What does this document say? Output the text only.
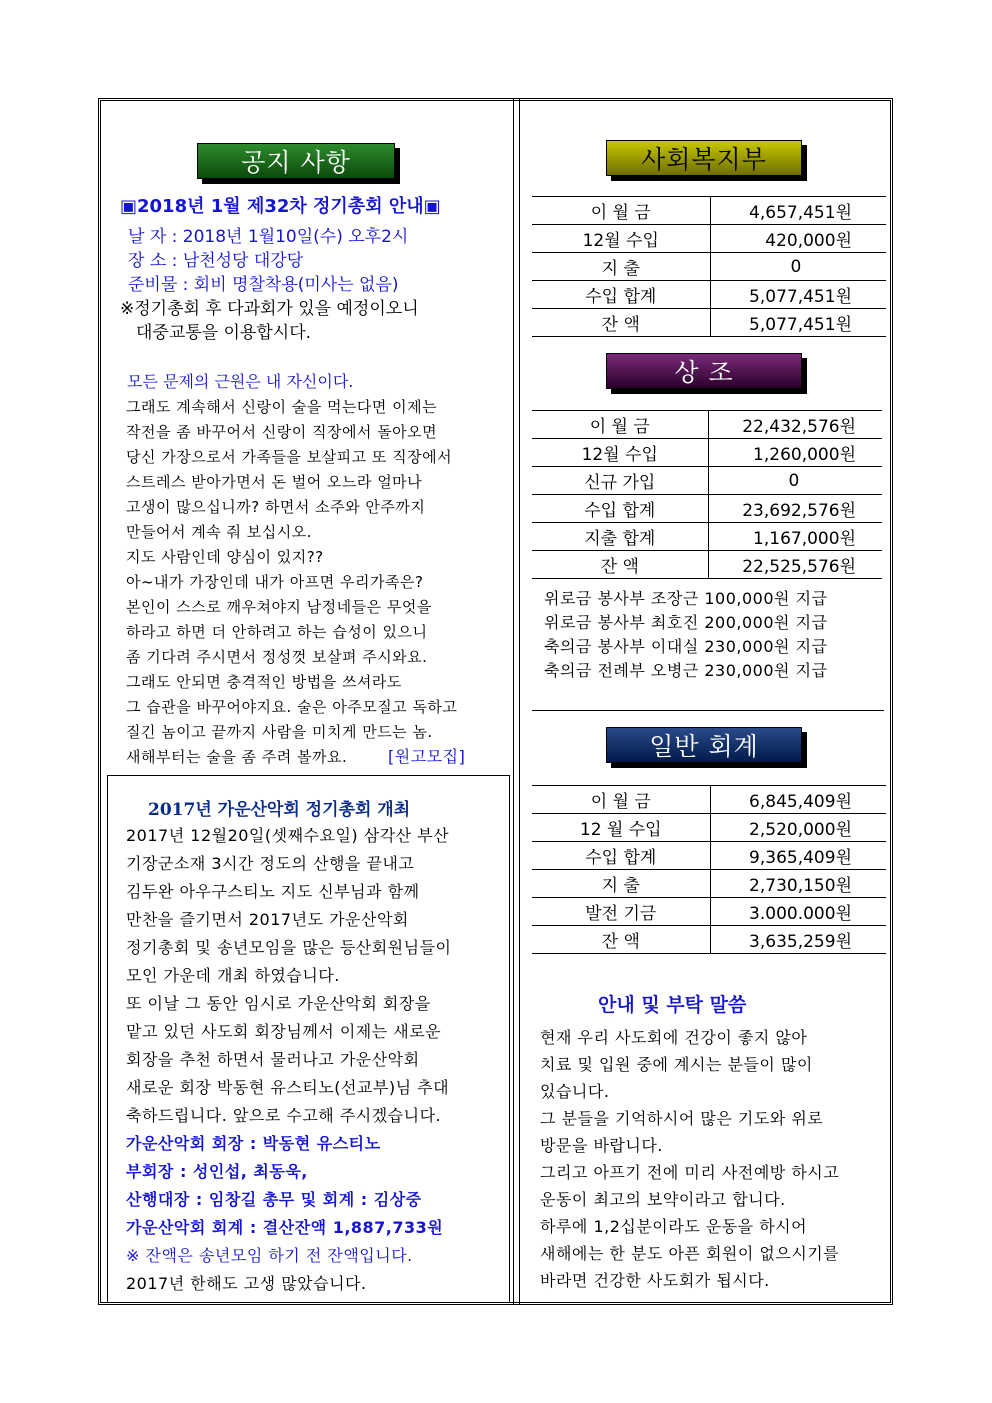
공지 사항
▣2018년 1월 제32차 정기총회 안내▣
날 자 : 2018년 1월10일(수) 오후2시
장 소 : 남천성당 대강당
준비물 : 회비 명찰착용(미사는 없음)
※정기총회 후 다과회가 있을 예정이오니
대중교통을 이용합시다.
모든 문제의 근원은 내 자신이다.
그래도 계속해서 신랑이 술을 먹는다면 이제는
작전을 좀 바꾸어서 신랑이 직장에서 돌아오면
당신 가장으로서 가족들을 보살피고 또 직장에서
스트레스 받아가면서 돈 벌어 오느라 얼마나
고생이 많으십니까? 하면서 소주와 안주까지
만들어서 계속 줘 보십시오.
지도 사람인데 양심이 있지??
아~내가 가장인데 내가 아프면 우리가족은?
본인이 스스로 깨우쳐야지 남정네들은 무엇을
하라고 하면 더 안하려고 하는 습성이 있으니
좀 기다려 주시면서 정성껏 보살펴 주시와요.
그래도 안되면 충격적인 방법을 쓰셔라도
그 습관을 바꾸어야지요. 술은 아주모질고 독하고
질긴 놈이고 끝까지 사람을 미치게 만드는 놈.
새해부터는 술을 좀 주려 볼까요.	[원고모집]
2017년 가운산악회 정기총회 개최
2017년 12월20일(셋째수요일) 삼각산 부산
기장군소재 3시간 정도의 산행을 끝내고
김두완 아우구스티노 지도 신부님과 함께
만찬을 즐기면서 2017년도 가운산악회
정기총회 및 송년모임을 많은 등산회원님들이
모인 가운데 개최 하였습니다.
또 이날 그 동안 임시로 가운산악회 회장을
맡고 있던 사도회 회장님께서 이제는 새로운
회장을 추천 하면서 물러나고 가운산악회
새로운 회장 박동현 유스티노(선교부)님 추대
축하드립니다. 앞으로 수고해 주시겠습니다.
가운산악회 회장 : 박동현 유스티노
부회장 : 성인섭, 최동욱,
산행대장 : 임창길 총무 및 회계 : 김상중
가운산악회 회계 : 결산잔액 1,887,733원
※ 잔액은 송년모임 하기 전 잔액입니다.
2017년 한해도 고생 많았습니다.
사회복지부
이 월 금	4,657,451원
12월 수입	420,000원
지 출	0
수입 합계	5,077,451원
잔 액	5,077,451원
상 조
이 월 금	22,432,576원
12월 수입	1,260,000원
신규 가입	0
수입 합계	23,692,576원
지출 합계	1,167,000원
잔 액	22,525,576원
위로금 봉사부 조장근 100,000원 지급
위로금 봉사부 최호진 200,000원 지급
축의금 봉사부 이대실 230,000원 지급
축의금 전례부 오병근 230,000원 지급
일반 회계
이 월 금	6,845,409원
12 월 수입	2,520,000원
수입 합계	9,365,409원
지 출	2,730,150원
발전 기금	3.000.000원
잔 액	3,635,259원
안내 및 부탁 말씀
현재 우리 사도회에 건강이 좋지 않아
치료 및 입원 중에 계시는 분들이 많이
있습니다.
그 분들을 기억하시어 많은 기도와 위로
방문을 바랍니다.
그리고 아프기 전에 미리 사전예방 하시고
운동이 최고의 보약이라고 합니다.
하루에 1,2십분이라도 운동을 하시어
새해에는 한 분도 아픈 회원이 없으시기를
바라면 건강한 사도회가 됩시다.
